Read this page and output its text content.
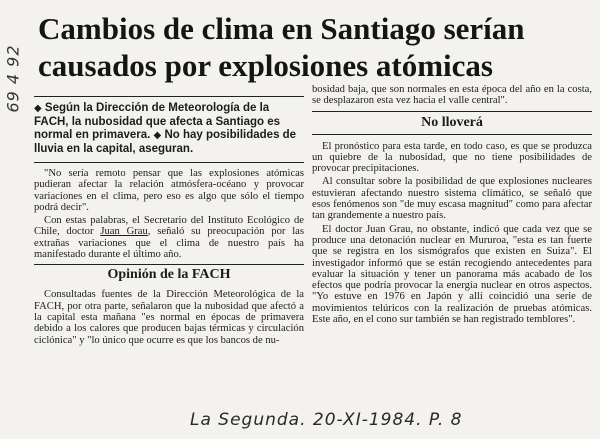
69 4 92
Cambios de clima en Santiago serían
causados por explosiones atómicas

◆ Según la Dirección de Meteorología de la FACH, la nubosidad que afecta a Santiago es normal en primavera. ◆ No hay posibilidades de lluvia en la capital, aseguran.

"No sería remoto pensar que las explosiones atómicas pudieran afectar la relación atmósfera-océano y provocar variaciones en el clima, pero eso es algo que sólo el tiempo podrá decir".

Con estas palabras, el Secretario del Instituto Ecológico de Chile, doctor Juan Grau, señaló su preocupación por las extrañas variaciones que el clima de nuestro país ha manifestado durante el último año.

Opinión de la FACH

Consultadas fuentes de la Dirección Meteorológica de la FACH, por otra parte, señalaron que la nubosidad que afectó a la capital esta mañana "es normal en épocas de primavera debido a los calores que producen bajas térmicas y circulación ciclónica" y "lo único que ocurre es que los bancos de nu-

bosidad baja, que son normales en esta época del año en la costa, se desplazaron esta vez hacia el valle central".

No lloverá

El pronóstico para esta tarde, en todo caso, es que se produzca un quiebre de la nubosidad, que no tiene posibilidades de provocar precipitaciones.

Al consultar sobre la posibilidad de que explosiones nucleares estuvieran afectando nuestro sistema climático, se señaló que esos fenómenos son "de muy escasa magnitud" como para afectar tan grandemente a nuestro país.

El doctor Juan Grau, no obstante, indicó que cada vez que se produce una detonación nuclear en Mururoa, "esta es tan fuerte que se registra en los sismógrafos que existen en Suiza". El investigador informó que se están recogiendo antecedentes para evaluar la situación y tener un panorama más acabado de los efectos que podría provocar la energía nuclear en otros aspectos. "Yo estuve en 1976 en Japón y allí coincidió una serie de movimientos telúricos con la realización de pruebas atómicas. Este año, en el cono sur también se han registrado temblores".

La Segunda. 20-XI-1984. P. 8
